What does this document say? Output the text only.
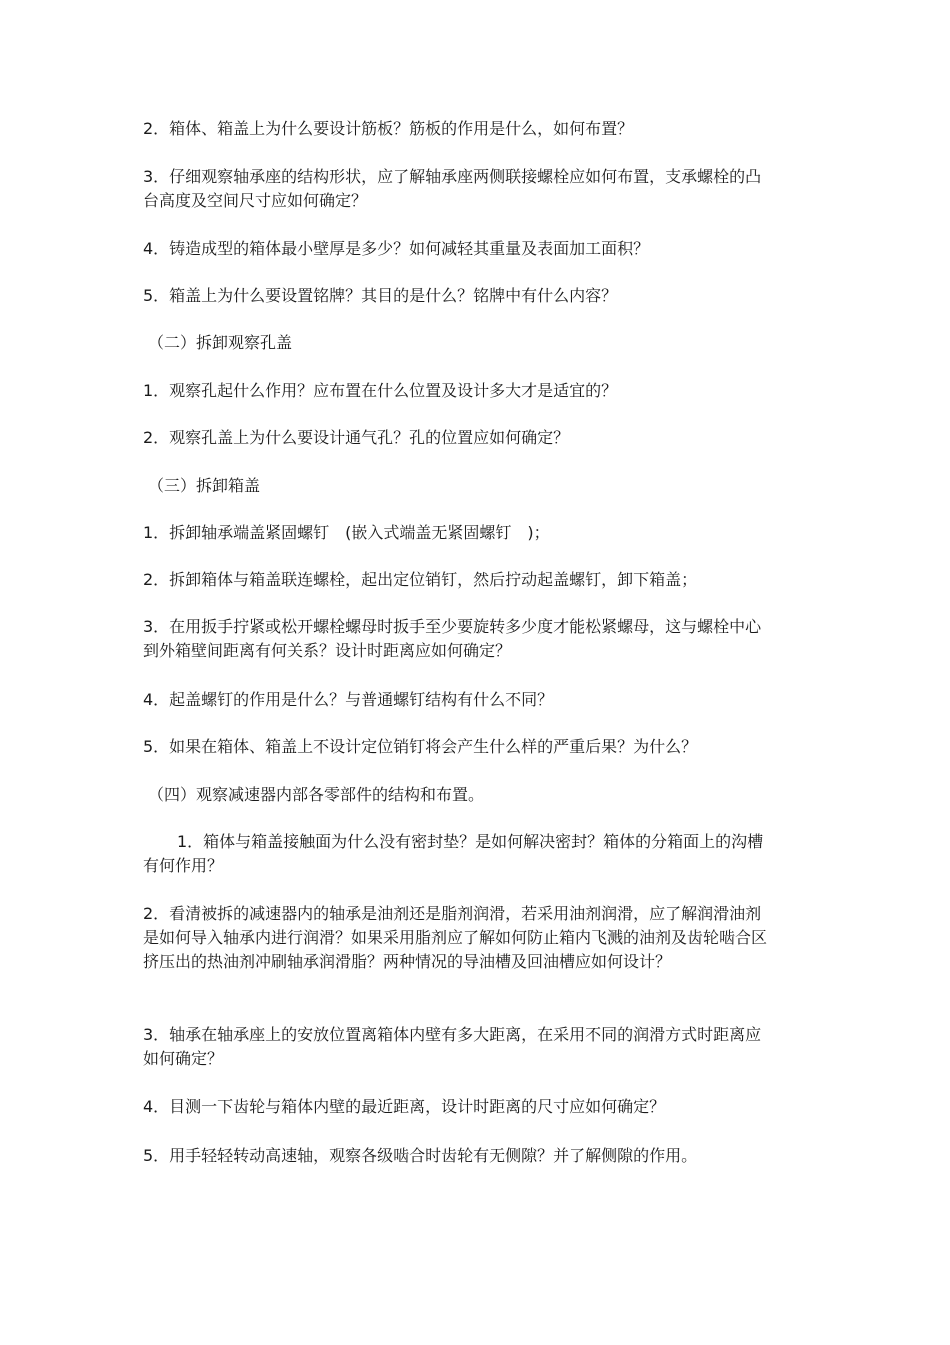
2．箱体、箱盖上为什么要设计筋板？筋板的作用是什么，如何布置？

3．仔细观察轴承座的结构形状，应了解轴承座两侧联接螺栓应如何布置，支承螺栓的凸台高度及空间尺寸应如何确定？

4．铸造成型的箱体最小壁厚是多少？如何减轻其重量及表面加工面积？

5．箱盖上为什么要设置铭牌？其目的是什么？铭牌中有什么内容？

（二）拆卸观察孔盖

1．观察孔起什么作用？应布置在什么位置及设计多大才是适宜的？

2．观察孔盖上为什么要设计通气孔？孔的位置应如何确定？

（三）拆卸箱盖

1．拆卸轴承端盖紧固螺钉　(嵌入式端盖无紧固螺钉　)；

2．拆卸箱体与箱盖联连螺栓，起出定位销钉，然后拧动起盖螺钉，卸下箱盖；

3．在用扳手拧紧或松开螺栓螺母时扳手至少要旋转多少度才能松紧螺母，这与螺栓中心到外箱壁间距离有何关系？设计时距离应如何确定？

4．起盖螺钉的作用是什么？与普通螺钉结构有什么不同？

5．如果在箱体、箱盖上不设计定位销钉将会产生什么样的严重后果？为什么？

（四）观察减速器内部各零部件的结构和布置。

1．箱体与箱盖接触面为什么没有密封垫？是如何解决密封？箱体的分箱面上的沟槽有何作用？

2．看清被拆的减速器内的轴承是油剂还是脂剂润滑，若采用油剂润滑，应了解润滑油剂是如何导入轴承内进行润滑？如果采用脂剂应了解如何防止箱内飞溅的油剂及齿轮啮合区挤压出的热油剂冲刷轴承润滑脂？两种情况的导油槽及回油槽应如何设计？

3．轴承在轴承座上的安放位置离箱体内壁有多大距离，在采用不同的润滑方式时距离应如何确定？

4．目测一下齿轮与箱体内壁的最近距离，设计时距离的尺寸应如何确定？

5．用手轻轻转动高速轴，观察各级啮合时齿轮有无侧隙？并了解侧隙的作用。
